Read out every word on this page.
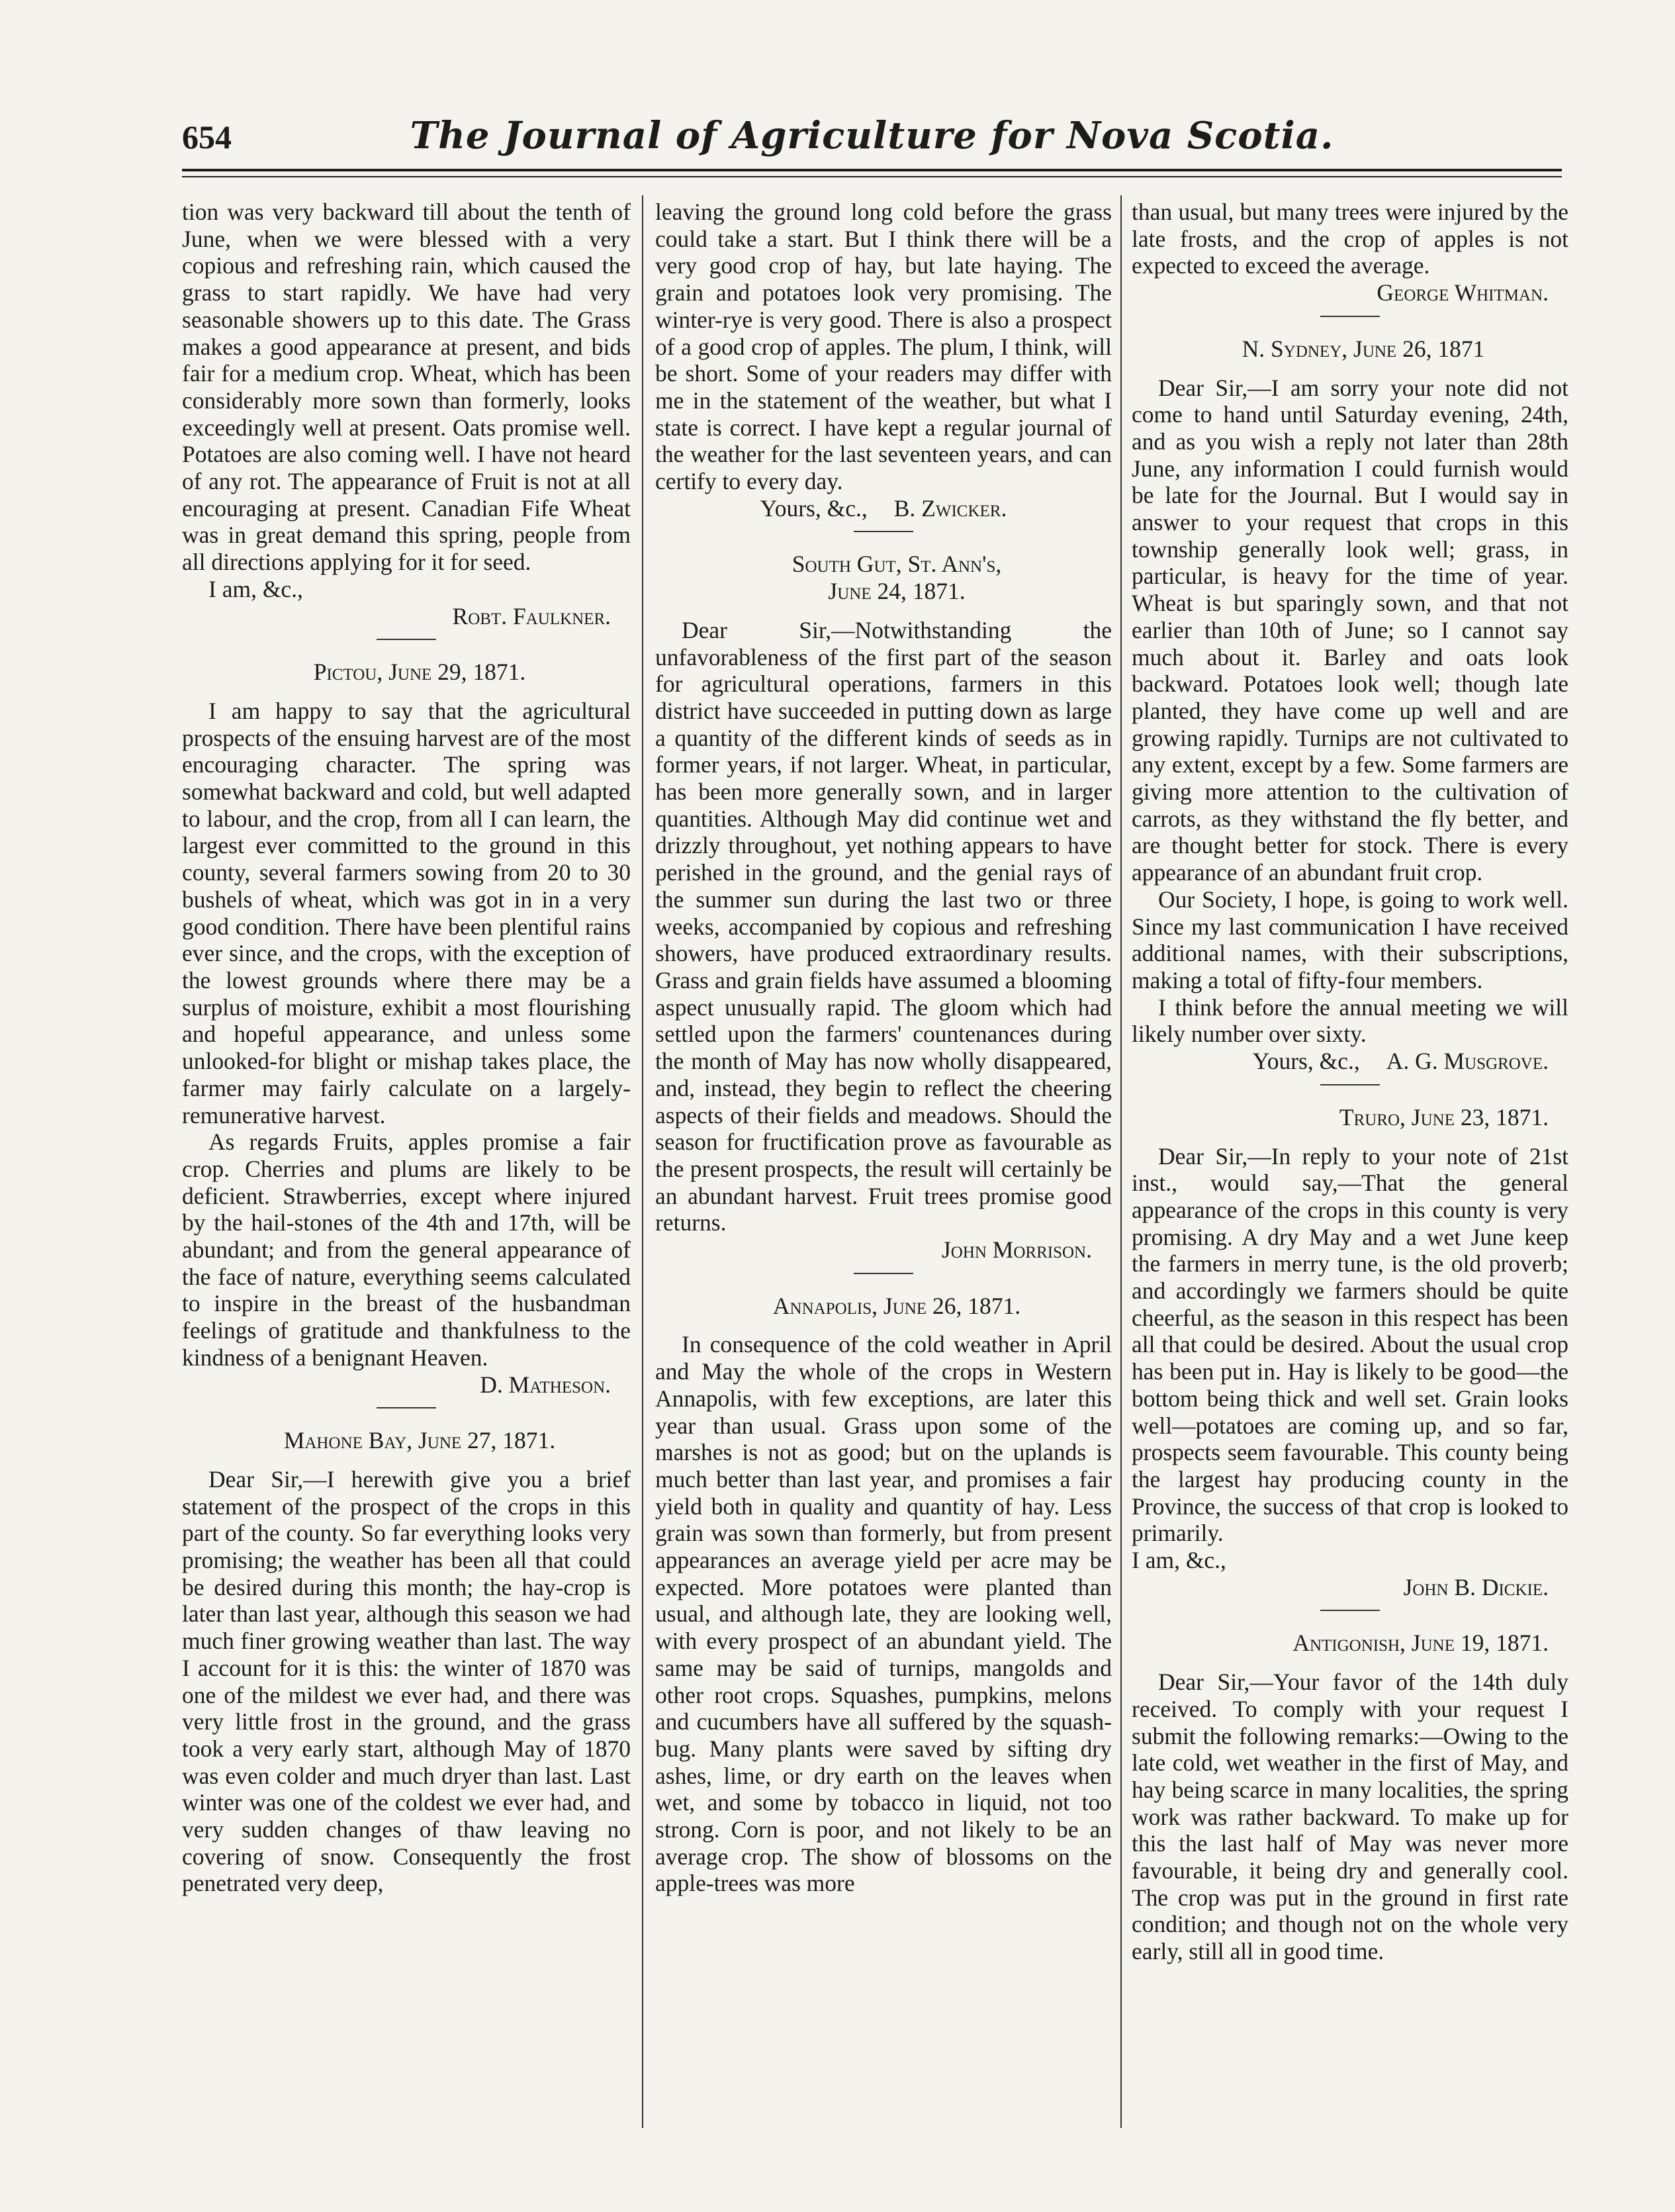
654	The Journal of Agriculture for Nova Scotia.

tion was very backward till about the tenth of June, when we were blessed with a very copious and refreshing rain, which caused the grass to start rapidly. We have had very seasonable showers up to this date. The Grass makes a good appearance at present, and bids fair for a medium crop. Wheat, which has been considerably more sown than formerly, looks exceedingly well at present. Oats promise well. Potatoes are also coming well. I have not heard of any rot. The appearance of Fruit is not at all encouraging at present. Canadian Fife Wheat was in great demand this spring, people from all directions applying for it for seed.

I am, &c.,

Robt. Faulkner.

Pictou, June 29, 1871.

I am happy to say that the agricultural prospects of the ensuing harvest are of the most encouraging character. The spring was somewhat backward and cold, but well adapted to labour, and the crop, from all I can learn, the largest ever committed to the ground in this county, several farmers sowing from 20 to 30 bushels of wheat, which was got in in a very good condition. There have been plentiful rains ever since, and the crops, with the exception of the lowest grounds where there may be a surplus of moisture, exhibit a most flourishing and hopeful appearance, and unless some unlooked-for blight or mishap takes place, the farmer may fairly calculate on a largely-remunerative harvest.

As regards Fruits, apples promise a fair crop. Cherries and plums are likely to be deficient. Strawberries, except where injured by the hail-stones of the 4th and 17th, will be abundant; and from the general appearance of the face of nature, everything seems calculated to inspire in the breast of the husbandman feelings of gratitude and thankfulness to the kindness of a benignant Heaven.

D. Matheson.

Mahone Bay, June 27, 1871.

Dear Sir,—I herewith give you a brief statement of the prospect of the crops in this part of the county. So far everything looks very promising; the weather has been all that could be desired during this month; the hay-crop is later than last year, although this season we had much finer growing weather than last. The way I account for it is this: the winter of 1870 was one of the mildest we ever had, and there was very little frost in the ground, and the grass took a very early start, although May of 1870 was even colder and much dryer than last. Last winter was one of the coldest we ever had, and very sudden changes of thaw leaving no covering of snow. Consequently the frost penetrated very deep,

leaving the ground long cold before the grass could take a start. But I think there will be a very good crop of hay, but late haying. The grain and potatoes look very promising. The winter-rye is very good. There is also a prospect of a good crop of apples. The plum, I think, will be short. Some of your readers may differ with me in the statement of the weather, but what I state is correct. I have kept a regular journal of the weather for the last seventeen years, and can certify to every day.

Yours, &c., B. Zwicker.

South Gut, St. Ann's,

June 24, 1871.

Dear Sir,—Notwithstanding the unfavorableness of the first part of the season for agricultural operations, farmers in this district have succeeded in putting down as large a quantity of the different kinds of seeds as in former years, if not larger. Wheat, in particular, has been more generally sown, and in larger quantities. Although May did continue wet and drizzly throughout, yet nothing appears to have perished in the ground, and the genial rays of the summer sun during the last two or three weeks, accompanied by copious and refreshing showers, have produced extraordinary results. Grass and grain fields have assumed a blooming aspect unusually rapid. The gloom which had settled upon the farmers' countenances during the month of May has now wholly disappeared, and, instead, they begin to reflect the cheering aspects of their fields and meadows. Should the season for fructification prove as favourable as the present prospects, the result will certainly be an abundant harvest. Fruit trees promise good returns.

John Morrison.

Annapolis, June 26, 1871.

In consequence of the cold weather in April and May the whole of the crops in Western Annapolis, with few exceptions, are later this year than usual. Grass upon some of the marshes is not as good; but on the uplands is much better than last year, and promises a fair yield both in quality and quantity of hay. Less grain was sown than formerly, but from present appearances an average yield per acre may be expected. More potatoes were planted than usual, and although late, they are looking well, with every prospect of an abundant yield. The same may be said of turnips, mangolds and other root crops. Squashes, pumpkins, melons and cucumbers have all suffered by the squash-bug. Many plants were saved by sifting dry ashes, lime, or dry earth on the leaves when wet, and some by tobacco in liquid, not too strong. Corn is poor, and not likely to be an average crop. The show of blossoms on the apple-trees was more

than usual, but many trees were injured by the late frosts, and the crop of apples is not expected to exceed the average.

George Whitman.

N. Sydney, June 26, 1871

Dear Sir,—I am sorry your note did not come to hand until Saturday evening, 24th, and as you wish a reply not later than 28th June, any information I could furnish would be late for the Journal. But I would say in answer to your request that crops in this township generally look well; grass, in particular, is heavy for the time of year. Wheat is but sparingly sown, and that not earlier than 10th of June; so I cannot say much about it. Barley and oats look backward. Potatoes look well; though late planted, they have come up well and are growing rapidly. Turnips are not cultivated to any extent, except by a few. Some farmers are giving more attention to the cultivation of carrots, as they withstand the fly better, and are thought better for stock. There is every appearance of an abundant fruit crop.

Our Society, I hope, is going to work well. Since my last communication I have received additional names, with their subscriptions, making a total of fifty-four members.

I think before the annual meeting we will likely number over sixty.

Yours, &c., A. G. Musgrove.

Truro, June 23, 1871.

Dear Sir,—In reply to your note of 21st inst., would say,—That the general appearance of the crops in this county is very promising. A dry May and a wet June keep the farmers in merry tune, is the old proverb; and accordingly we farmers should be quite cheerful, as the season in this respect has been all that could be desired. About the usual crop has been put in. Hay is likely to be good—the bottom being thick and well set. Grain looks well—potatoes are coming up, and so far, prospects seem favourable. This county being the largest hay producing county in the Province, the success of that crop is looked to primarily.

I am, &c.,

John B. Dickie.

Antigonish, June 19, 1871.

Dear Sir,—Your favor of the 14th duly received. To comply with your request I submit the following remarks:—Owing to the late cold, wet weather in the first of May, and hay being scarce in many localities, the spring work was rather backward. To make up for this the last half of May was never more favourable, it being dry and generally cool. The crop was put in the ground in first rate condition; and though not on the whole very early, still all in good time.
